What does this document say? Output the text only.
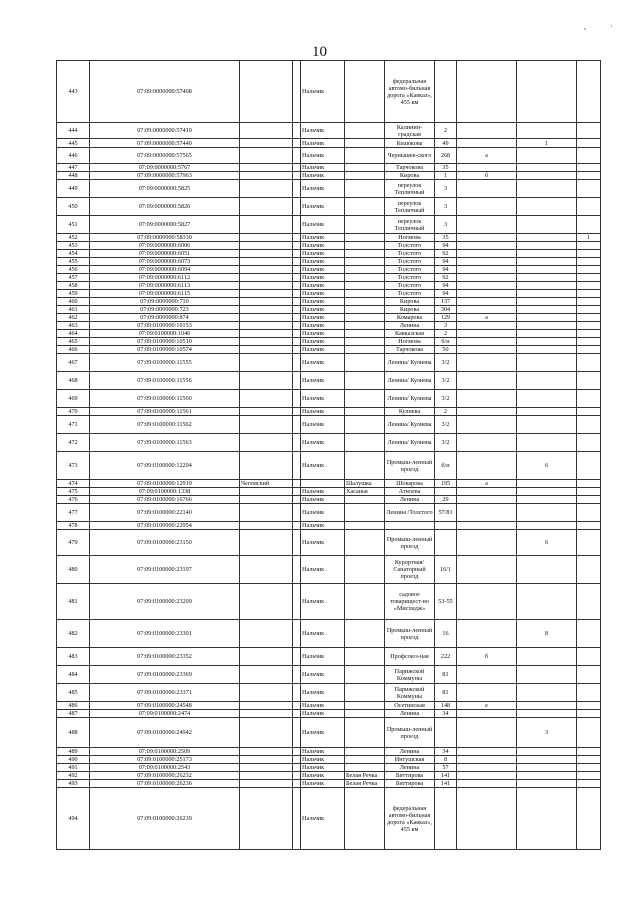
10
443	07:09:0000000:57408			Нальчик		федеральная автомо-бильная дорога «Кавказ», 455 км				
444	07:09:0000000:57410			Нальчик		Калинин-градская	2			
445	07:09:0000000:57440			Нальчик		Кешокова	49		1	
446	07:09:0000000:57565			Нальчик		Чернышев-ского	268	а		
447	07:09:0000000:5767			Нальчик		Тарчокова	35			
448	07:09:0000000:57963			Нальчик		Кирова	1	б		
449	07:09:0000000:5825			Нальчик		переулок Тепличный	3			
450	07:09:0000000:5826			Нальчик		переулок Тепличный	3			
451	07:09:0000000:5827			Нальчик		переулок Тепличный	3			
452	07:09:0000000:58330			Нальчик		Ногмова	35			1
453	07:09:0000000:6006			Нальчик		Толстого	94			
454	07:09:0000000:6051			Нальчик		Толстого	92			
455	07:09:0000000:6073			Нальчик		Толстого	94			
456	07:09:0000000:6094			Нальчик		Толстого	94			
457	07:09:0000000:6112			Нальчик		Толстого	92			
458	07:09:0000000:6113			Нальчик		Толстого	94			
459	07:09:0000000:6115			Нальчик		Толстого	94			
460	07:09:0000000:710			Нальчик		Кирова	137			
461	07:09:0000000:723			Нальчик		Кирова	304			
462	07:09:0000000:874			Нальчик		Комарова	129	а		
463	07:09:0100000:10153			Нальчик		Ленина	3			
464	07:09:0100000:1046			Нальчик		Кавказская	2			
465	07:09:0100000:10510			Нальчик		Ногмова	б/н			
466	07:09:0100000:10574			Нальчик		Тарчокова	50			
467	07:09:0100000:11555			Нальчик		Ленина/ Кулиева	3/2			
468	07:09:0100000:11556			Нальчик		Ленина/ Кулиева	3/2			
469	07:09:0100000:11560			Нальчик		Ленина/ Кулиева	3/2			
470	07:09:0100000:11561			Нальчик		Кулиева	2			
471	07:09:0100000:11562			Нальчик		Ленина/ Кулиева	3/2			
472	07:09:0100000:11563			Нальчик		Ленина/ Кулиева	3/2			
473	07:09:0100000:12204			Нальчик		Промыш-ленный проезд	б/н		6	
474	07:09:0100000:12919	Чегемский			Шалушка	Шокарова	195	а		
475	07:09:0100000:1338			Нальчик	Хасанья	Атноева				
476	07:09:0100000:16766			Нальчик		Ленина	29			
477	07:09:0100000:22140			Нальчик		Ленина /Толстого	57/81			
478	07:09:0100000:22954			Нальчик						
479	07:09:0100000:23150			Нальчик		Промыш-ленный проезд			6	
480	07:09:0100000:23197			Нальчик		Курортная/ Санаторный проезд	16/1			
481	07:09:0100000:23209			Нальчик		садовое товарищест-во «Мисхидж»	53-55			
482	07:09:0100000:23301			Нальчик		Промыш-ленный проезд	16		8	
483	07:09:0100000:23352			Нальчик		Профсоюз-ная	222	б		
484	07:09:0100000:23369			Нальчик		Парижской Коммуны	81			
485	07:09:0100000:23371			Нальчик		Парижской Коммуны	81			
486	07:09:0100000:24548			Нальчик		Осетинская	148	е		
487	07:09:0100000:2474			Нальчик		Ленина	34			
488	07:09:0100000:24942			Нальчик		Промыш-ленный проезд			3	
489	07:09:0100000:2509			Нальчик		Ленина	34			
490	07:09:0100000:25173			Нальчик		Ингушская	8			
491	07:09:0100000:2543			Нальчик		Ленина	57			
492	07:09:0100000:26232			Нальчик	Белая Речка	Биттирова	141			
493	07:09:0100000:26236			Нальчик	Белая Речка	Биттирова	141			
494	07:09:0100000:26239			Нальчик		федеральная автомо-бильная дорога «Кавказ», 455 км				
,	·
